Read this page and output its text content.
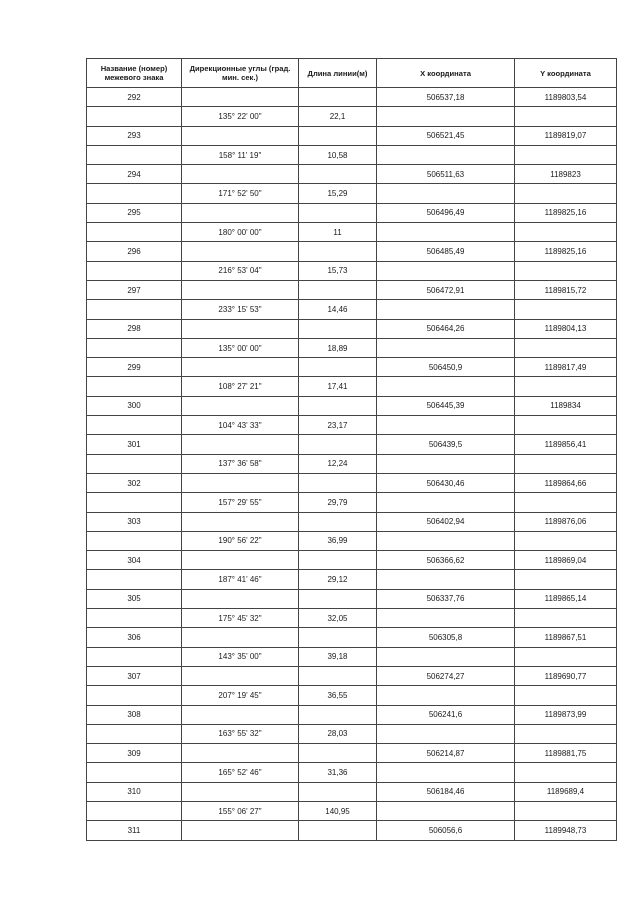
Название (номер) межевого знака	Дирекционные углы (град. мин. сек.)	Длина линии(м)	Х координата	Y координата
292			506537,18	1189803,54
	135° 22' 00"	22,1		
293			506521,45	1189819,07
	158° 11' 19"	10,58		
294			506511,63	1189823
	171° 52' 50"	15,29		
295			506496,49	1189825,16
	180° 00' 00"	11		
296			506485,49	1189825,16
	216° 53' 04"	15,73		
297			506472,91	1189815,72
	233° 15' 53"	14,46		
298			506464,26	1189804,13
	135° 00' 00"	18,89		
299			506450,9	1189817,49
	108° 27' 21"	17,41		
300			506445,39	1189834
	104° 43' 33"	23,17		
301			506439,5	1189856,41
	137° 36' 58"	12,24		
302			506430,46	1189864,66
	157° 29' 55"	29,79		
303			506402,94	1189876,06
	190° 56' 22"	36,99		
304			506366,62	1189869,04
	187° 41' 46"	29,12		
305			506337,76	1189865,14
	175° 45' 32"	32,05		
306			506305,8	1189867,51
	143° 35' 00"	39,18		
307			506274,27	1189690,77
	207° 19' 45"	36,55		
308			506241,6	1189873,99
	163° 55' 32"	28,03		
309			506214,87	1189881,75
	165° 52' 46"	31,36		
310			506184,46	1189689,4
	155° 06' 27"	140,95		
311			506056,6	1189948,73
